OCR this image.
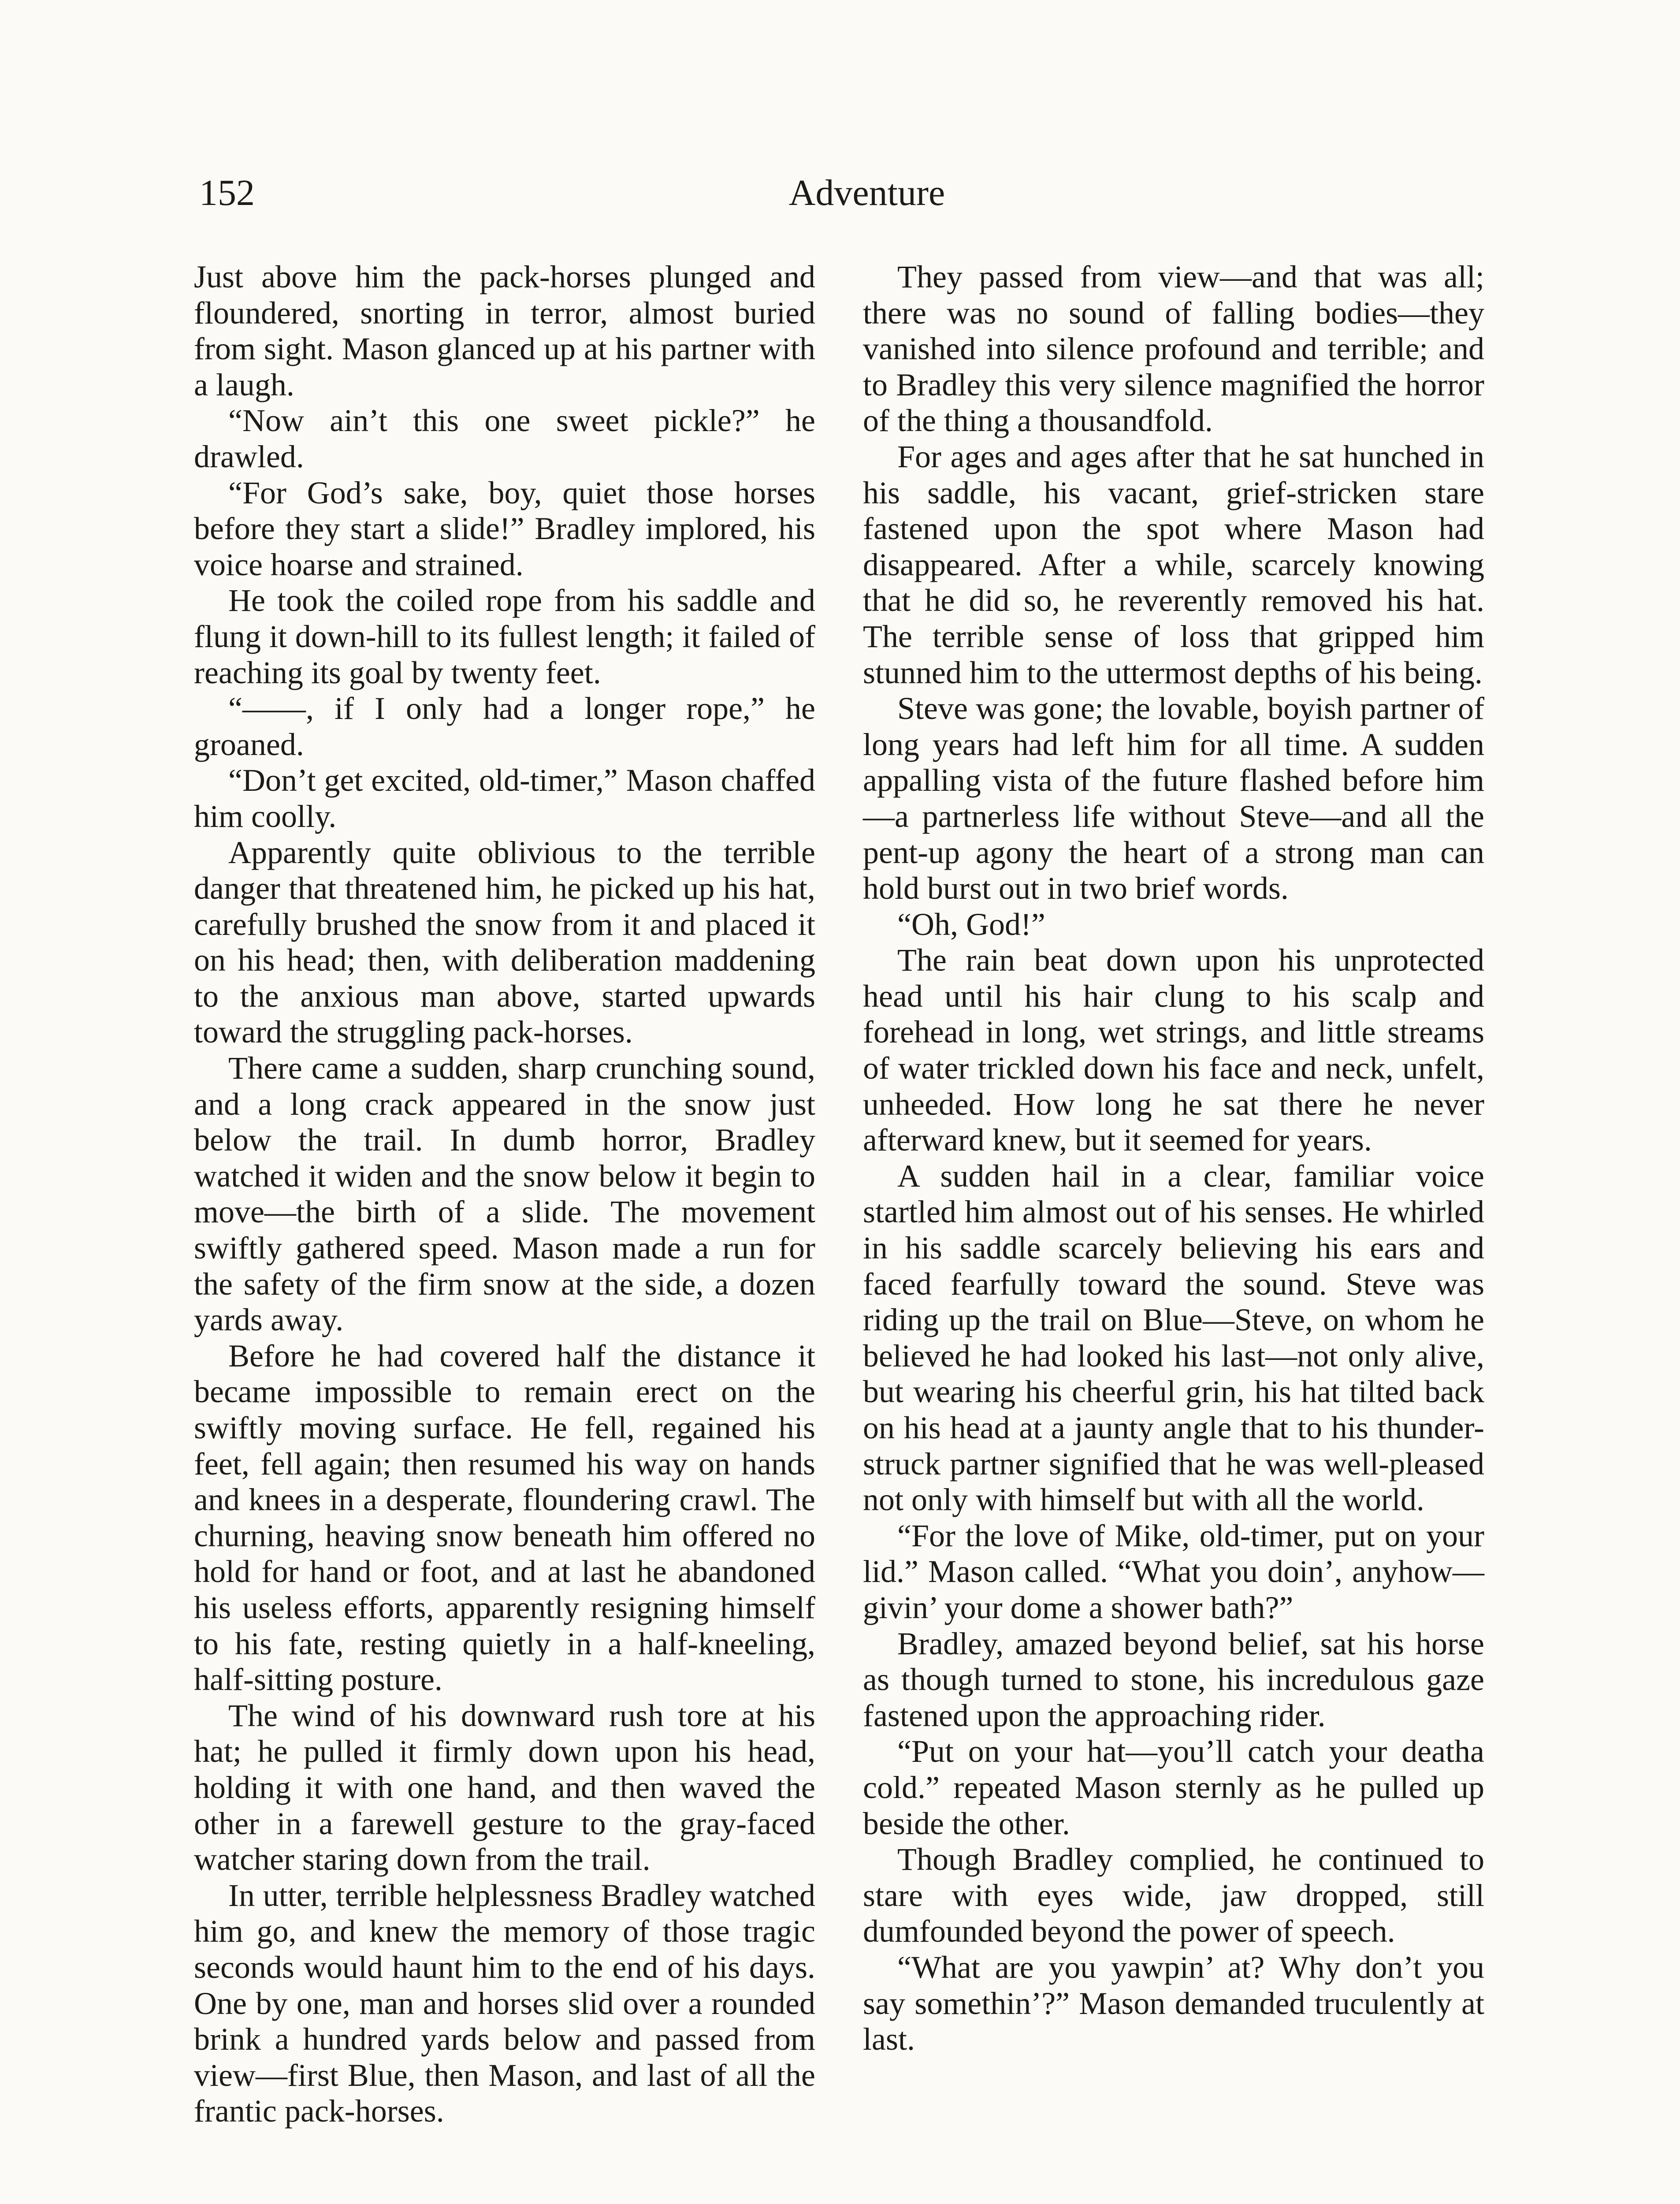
152	Adventure

Just above him the pack-horses plunged and floundered, snorting in terror, almost buried from sight. Mason glanced up at his partner with a laugh.

“Now ain’t this one sweet pickle?” he drawled.

“For God’s sake, boy, quiet those horses before they start a slide!” Bradley implored, his voice hoarse and strained.

He took the coiled rope from his saddle and flung it down-hill to its fullest length; it failed of reaching its goal by twenty feet.

“——, if I only had a longer rope,” he groaned.

“Don’t get excited, old-timer,” Mason chaffed him coolly.

Apparently quite oblivious to the terrible danger that threatened him, he picked up his hat, carefully brushed the snow from it and placed it on his head; then, with deliberation maddening to the anxious man above, started upwards toward the struggling pack-horses.

There came a sudden, sharp crunching sound, and a long crack appeared in the snow just below the trail. In dumb horror, Bradley watched it widen and the snow below it begin to move—the birth of a slide. The movement swiftly gathered speed. Mason made a run for the safety of the firm snow at the side, a dozen yards away.

Before he had covered half the distance it became impossible to remain erect on the swiftly moving surface. He fell, regained his feet, fell again; then resumed his way on hands and knees in a desperate, floundering crawl. The churning, heaving snow beneath him offered no hold for hand or foot, and at last he abandoned his useless efforts, apparently resigning himself to his fate, resting quietly in a half-kneeling, half-sitting posture.

The wind of his downward rush tore at his hat; he pulled it firmly down upon his head, holding it with one hand, and then waved the other in a farewell gesture to the gray-faced watcher staring down from the trail.

In utter, terrible helplessness Bradley watched him go, and knew the memory of those tragic seconds would haunt him to the end of his days. One by one, man and horses slid over a rounded brink a hundred yards below and passed from view—first Blue, then Mason, and last of all the frantic pack-horses.

They passed from view—and that was all; there was no sound of falling bodies—they vanished into silence profound and terrible; and to Bradley this very silence magnified the horror of the thing a thousandfold.

For ages and ages after that he sat hunched in his saddle, his vacant, grief-stricken stare fastened upon the spot where Mason had disappeared. After a while, scarcely knowing that he did so, he reverently removed his hat. The terrible sense of loss that gripped him stunned him to the uttermost depths of his being.

Steve was gone; the lovable, boyish partner of long years had left him for all time. A sudden appalling vista of the future flashed before him—a partnerless life without Steve—and all the pent-up agony the heart of a strong man can hold burst out in two brief words.

“Oh, God!”

The rain beat down upon his unprotected head until his hair clung to his scalp and forehead in long, wet strings, and little streams of water trickled down his face and neck, unfelt, unheeded. How long he sat there he never afterward knew, but it seemed for years.

A sudden hail in a clear, familiar voice startled him almost out of his senses. He whirled in his saddle scarcely believing his ears and faced fearfully toward the sound. Steve was riding up the trail on Blue—Steve, on whom he believed he had looked his last—not only alive, but wearing his cheerful grin, his hat tilted back on his head at a jaunty angle that to his thunder-struck partner signified that he was well-pleased not only with himself but with all the world.

“For the love of Mike, old-timer, put on your lid.” Mason called. “What you doin’, anyhow—givin’ your dome a shower bath?”

Bradley, amazed beyond belief, sat his horse as though turned to stone, his incredulous gaze fastened upon the approaching rider.

“Put on your hat—you’ll catch your deatha cold.” repeated Mason sternly as he pulled up beside the other.

Though Bradley complied, he continued to stare with eyes wide, jaw dropped, still dumfounded beyond the power of speech.

“What are you yawpin’ at? Why don’t you say somethin’?” Mason demanded truculently at last.
